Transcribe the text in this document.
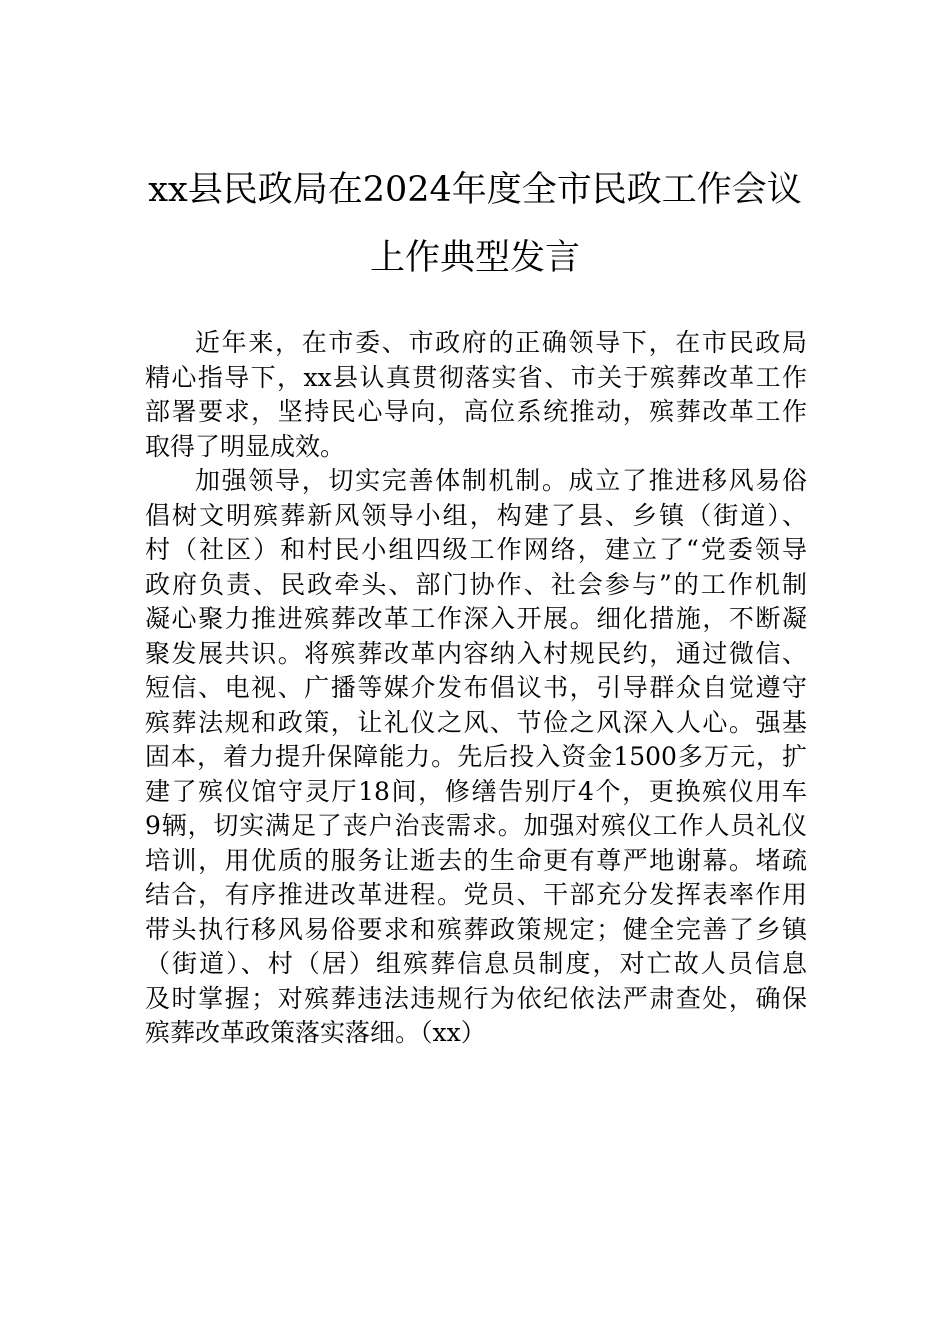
xx县民政局在2024年度全市民政工作会议
上作典型发言
近年来，在市委、市政府的正确领导下，在市民政局
精心指导下，xx县认真贯彻落实省、市关于殡葬改革工作
部署要求，坚持民心导向，高位系统推动，殡葬改革工作
取得了明显成效。
加强领导，切实完善体制机制。成立了推进移风易俗
倡树文明殡葬新风领导小组，构建了县、乡镇（街道）、
村（社区）和村民小组四级工作网络，建立了“党委领导
政府负责、民政牵头、部门协作、社会参与”的工作机制
凝心聚力推进殡葬改革工作深入开展。细化措施，不断凝
聚发展共识。将殡葬改革内容纳入村规民约，通过微信、
短信、电视、广播等媒介发布倡议书，引导群众自觉遵守
殡葬法规和政策，让礼仪之风、节俭之风深入人心。强基
固本，着力提升保障能力。先后投入资金1500多万元，扩
建了殡仪馆守灵厅18间，修缮告别厅4个，更换殡仪用车
9辆，切实满足了丧户治丧需求。加强对殡仪工作人员礼仪
培训，用优质的服务让逝去的生命更有尊严地谢幕。堵疏
结合，有序推进改革进程。党员、干部充分发挥表率作用
带头执行移风易俗要求和殡葬政策规定；健全完善了乡镇
（街道）、村（居）组殡葬信息员制度，对亡故人员信息
及时掌握；对殡葬违法违规行为依纪依法严肃查处，确保
殡葬改革政策落实落细。（xx）
